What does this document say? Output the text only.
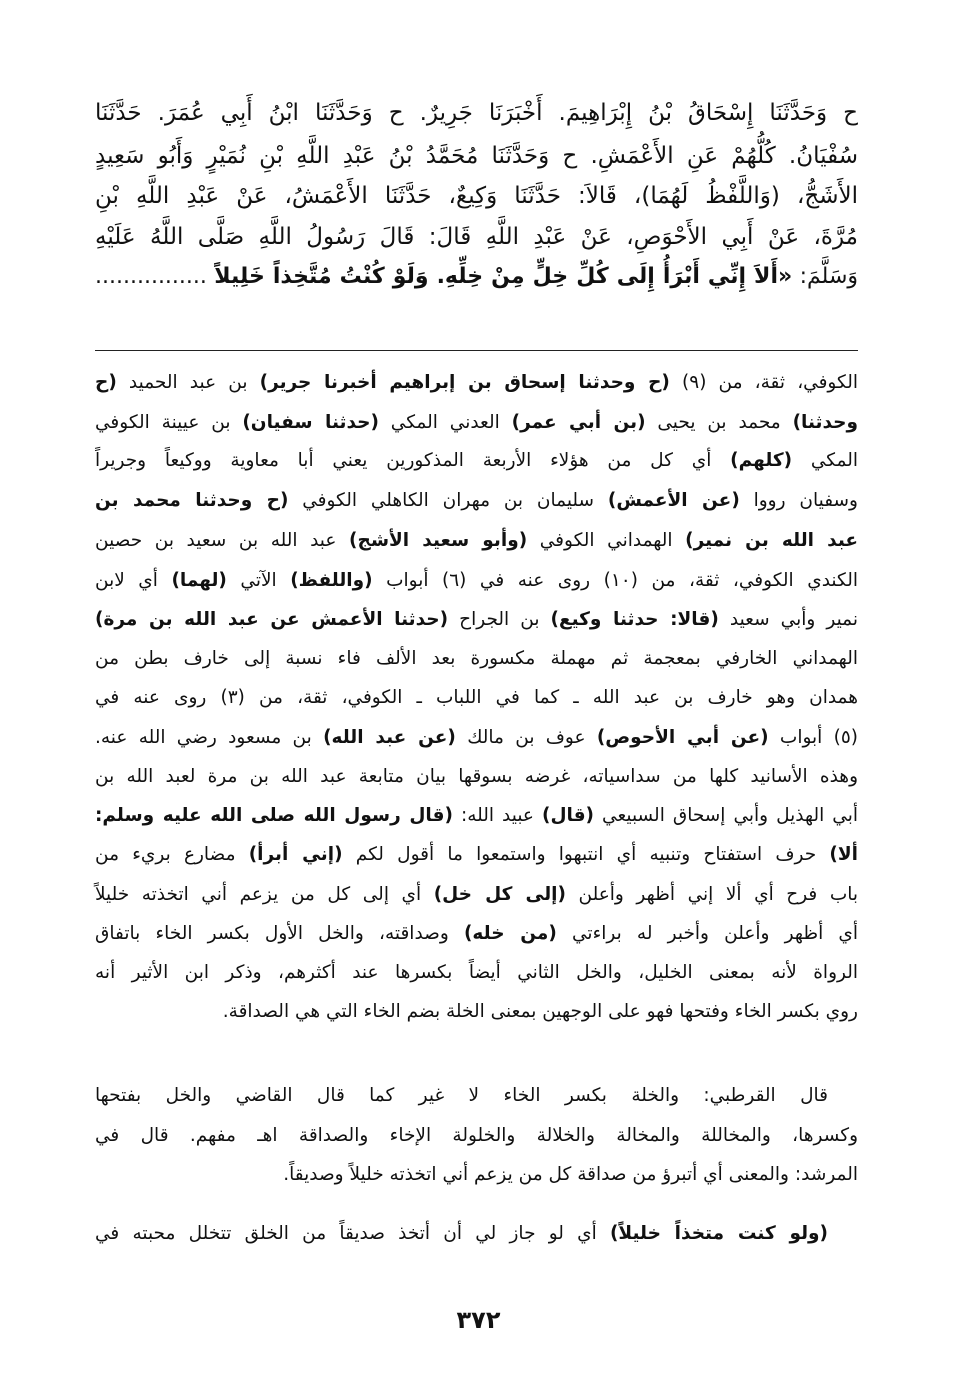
ح وَحَدَّثَنَا إِسْحَاقُ بْنُ إِبْرَاهِيمَ. أَخْبَرَنَا جَرِيرٌ. ح وَحَدَّثَنَا ابْنُ أَبِي عُمَرَ. حَدَّثَنَا
سُفْيَانُ. كُلُّهُمْ عَنِ الأَعْمَشِ. ح وَحَدَّثَنَا مُحَمَّدُ بْنُ عَبْدِ اللَّهِ بْنِ نُمَيْرٍ وَأَبُو سَعِيدٍ
الأَشَجُّ، (وَاللَّفْظُ لَهُمَا)، قَالاَ: حَدَّثَنَا وَكِيعٌ، حَدَّثَنَا الأَعْمَشُ، عَنْ عَبْدِ اللَّهِ بْنِ
مُرَّةَ، عَنْ أَبِي الأَحْوَصِ، عَنْ عَبْدِ اللَّهِ قَالَ: قَالَ رَسُولُ اللَّهِ صَلَّى اللَّهُ عَلَيْهِ
وَسَلَّمَ: «أَلاَ إِنِّي أَبْرَأُ إِلَى كُلِّ خِلٍّ مِنْ خِلِّهِ. وَلَوْ كُنْتُ مُتَّخِذاً خَلِيلاً ................
الكوفي، ثقة، من (٩) (ح وحدثنا إسحاق بن إبراهيم أخبرنا جرير) بن عبد الحميد (ح
وحدثنا) محمد بن يحيى (بن أبي عمر) العدني المكي (حدثنا سفيان) بن عيينة الكوفي
المكي (كلهم) أي كل من هؤلاء الأربعة المذكورين يعني أبا معاوية ووكيعاً وجريراً
وسفيان رووا (عن الأعمش) سليمان بن مهران الكاهلي الكوفي (ح وحدثنا محمد بن
عبد الله بن نمير) الهمداني الكوفي (وأبو سعيد الأشج) عبد الله بن سعيد بن حصين
الكندي الكوفي، ثقة، من (١٠) روى عنه في (٦) أبواب (واللفظ) الآتي (لهما) أي لابن
نمير وأبي سعيد (قالا: حدثنا وكيع) بن الجراح (حدثنا الأعمش عن عبد الله بن مرة)
الهمداني الخارفي بمعجمة ثم مهملة مكسورة بعد الألف فاء نسبة إلى خارف بطن من
همدان وهو خارف بن عبد الله ـ كما في اللباب ـ الكوفي، ثقة، من (٣) روى عنه في
(٥) أبواب (عن أبي الأحوص) عوف بن مالك (عن عبد الله) بن مسعود رضي الله عنه.
وهذه الأسانيد كلها من سداسياته، غرضه بسوقها بيان متابعة عبد الله بن مرة لعبد الله بن
أبي الهذيل وأبي إسحاق السبيعي (قال) عبيد الله: (قال رسول الله صلى الله عليه وسلم:
ألا) حرف استفتاح وتنبيه أي انتبهوا واستمعوا ما أقول لكم (إني أبرأ) مضارع بريء من
باب فرح أي ألا إني أظهر وأعلن (إلى كل خل) أي إلى كل من يزعم أني اتخذته خليلاً
أي أظهر وأعلن وأخبر له براءتي (من خله) وصداقته، والخل الأول بكسر الخاء باتفاق
الرواة لأنه بمعنى الخليل، والخل الثاني أيضاً بكسرها عند أكثرهم، وذكر ابن الأثير أنه
روي بكسر الخاء وفتحها فهو على الوجهين بمعنى الخلة بضم الخاء التي هي الصداقة.
قال القرطبي: والخلة بكسر الخاء لا غير كما قال القاضي والخل بفتحها
وكسرها، والمخاللة والمخالة والخلالة والخلولة الإخاء والصداقة اهـ مفهم. قال في
المرشد: والمعنى أي أتبرؤ من صداقة كل من يزعم أني اتخذته خليلاً وصديقاً.
(ولو كنت متخذاً خليلاً) أي لو جاز لي أن أتخذ صديقاً من الخلق تتخلل محبته في
٣٧٢
